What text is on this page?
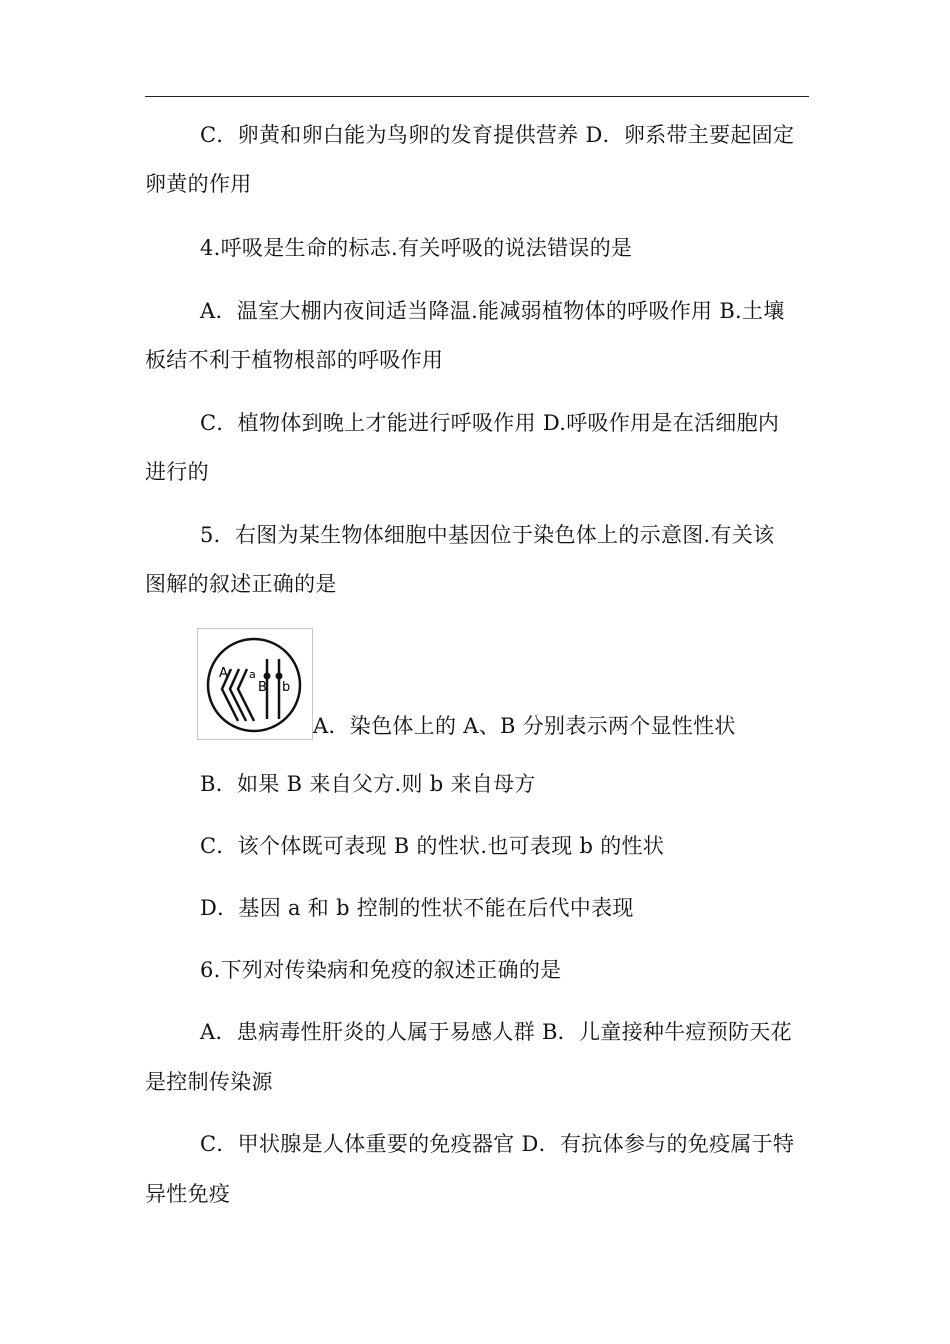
C．卵黄和卵白能为鸟卵的发育提供营养 D．卵系带主要起固定
卵黄的作用
4.呼吸是生命的标志.有关呼吸的说法错误的是
A．温室大棚内夜间适当降温.能减弱植物体的呼吸作用 B.土壤
板结不利于植物根部的呼吸作用
C．植物体到晚上才能进行呼吸作用 D.呼吸作用是在活细胞内
进行的
5．右图为某生物体细胞中基因位于染色体上的示意图.有关该
图解的叙述正确的是
A a
B b
A．染色体上的 A、B 分别表示两个显性性状
B．如果 B 来自父方.则 b 来自母方
C．该个体既可表现 B 的性状.也可表现 b 的性状
D．基因 a 和 b 控制的性状不能在后代中表现
6.下列对传染病和免疫的叙述正确的是
A．患病毒性肝炎的人属于易感人群 B．儿童接种牛痘预防天花
是控制传染源
C．甲状腺是人体重要的免疫器官 D．有抗体参与的免疫属于特
异性免疫
